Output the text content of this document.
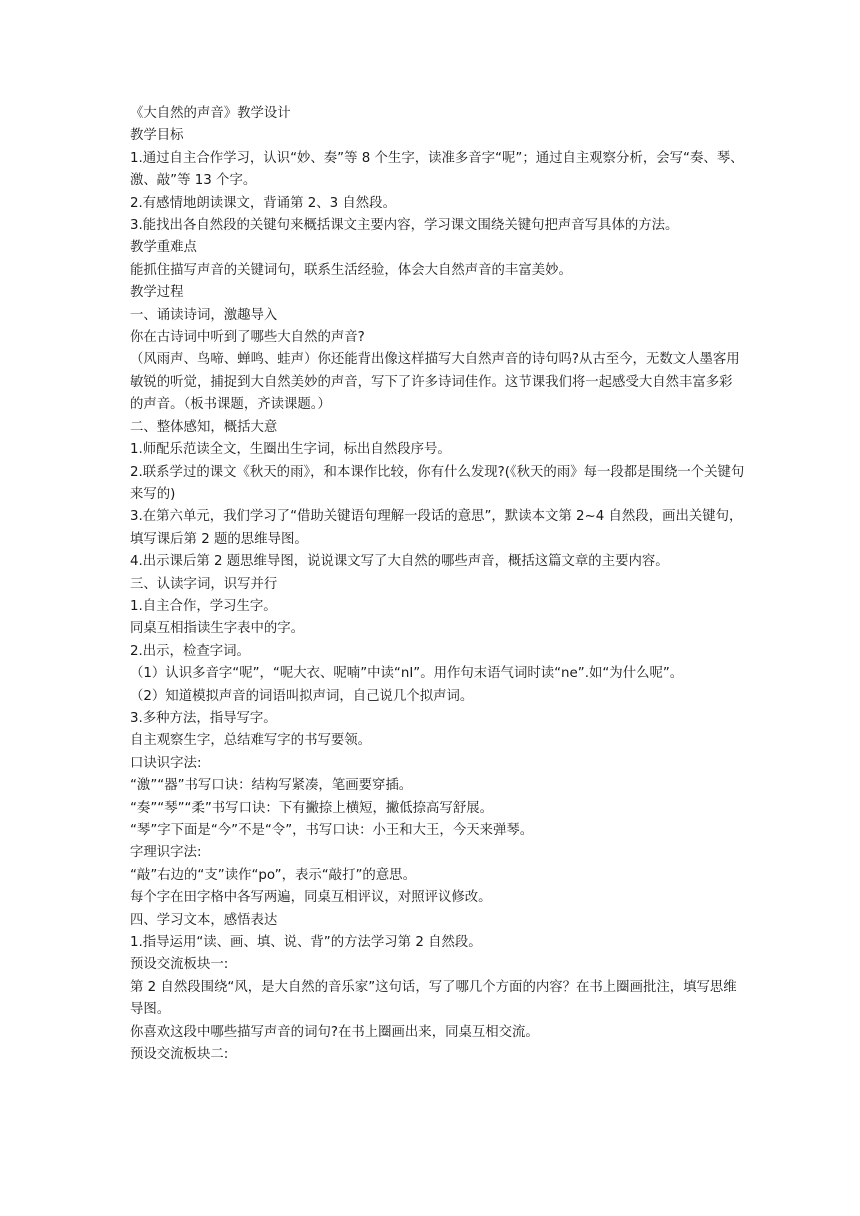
《大自然的声音》教学设计

教学目标

1.通过自主合作学习，认识“妙、奏”等 8 个生字，读准多音字“呢”；通过自主观察分析，会写“奏、琴、激、敲”等 13 个字。

2.有感情地朗读课文，背诵第 2、3 自然段。

3.能找出各自然段的关键句来概括课文主要内容，学习课文围绕关键句把声音写具体的方法。

教学重难点

能抓住描写声音的关键词句，联系生活经验，体会大自然声音的丰富美妙。

教学过程

一、诵读诗词，激趣导入

你在古诗词中听到了哪些大自然的声音?

（风雨声、鸟啼、蝉鸣、蛙声）你还能背出像这样描写大自然声音的诗句吗?从古至今，无数文人墨客用敏锐的听觉，捕捉到大自然美妙的声音，写下了许多诗词佳作。这节课我们将一起感受大自然丰富多彩的声音。（板书课题，齐读课题。）

二、整体感知，概括大意

1.师配乐范读全文，生圈出生字词，标出自然段序号。

2.联系学过的课文《秋天的雨》，和本课作比较，你有什么发现?(《秋天的雨》每一段都是围绕一个关键句来写的)

3.在第六单元，我们学习了“借助关键语句理解一段话的意思”，默读本文第 2~4 自然段，画出关键句，填写课后第 2 题的思维导图。

4.出示课后第 2 题思维导图，说说课文写了大自然的哪些声音，概括这篇文章的主要内容。

三、认读字词，识写并行

1.自主合作，学习生字。

同桌互相指读生字表中的字。

2.出示，检查字词。

（1）认识多音字“呢”，“呢大衣、呢喃”中读“nI”。用作句末语气词时读“ne”.如“为什么呢”。

（2）知道模拟声音的词语叫拟声词，自己说几个拟声词。

3.多种方法，指导写字。

自主观察生字，总结难写字的书写要领。

口诀识字法:

“激”“器”书写口诀：结构写紧凑，笔画要穿插。

“奏”“琴”“柔”书写口诀：下有撇捺上横短，撇低捺高写舒展。

“琴”字下面是“今”不是“令”，书写口诀：小王和大王，今天来弹琴。

字理识字法:

“敲”右边的“支”读作“po”，表示“敲打”的意思。

每个字在田字格中各写两遍，同桌互相评议，对照评议修改。

四、学习文本，感悟表达

1.指导运用“读、画、填、说、背”的方法学习第 2 自然段。

预设交流板块一:

第 2 自然段围绕“风，是大自然的音乐家”这句话，写了哪几个方面的内容？在书上圈画批注，填写思维导图。

你喜欢这段中哪些描写声音的词句?在书上圈画出来，同桌互相交流。

预设交流板块二:
